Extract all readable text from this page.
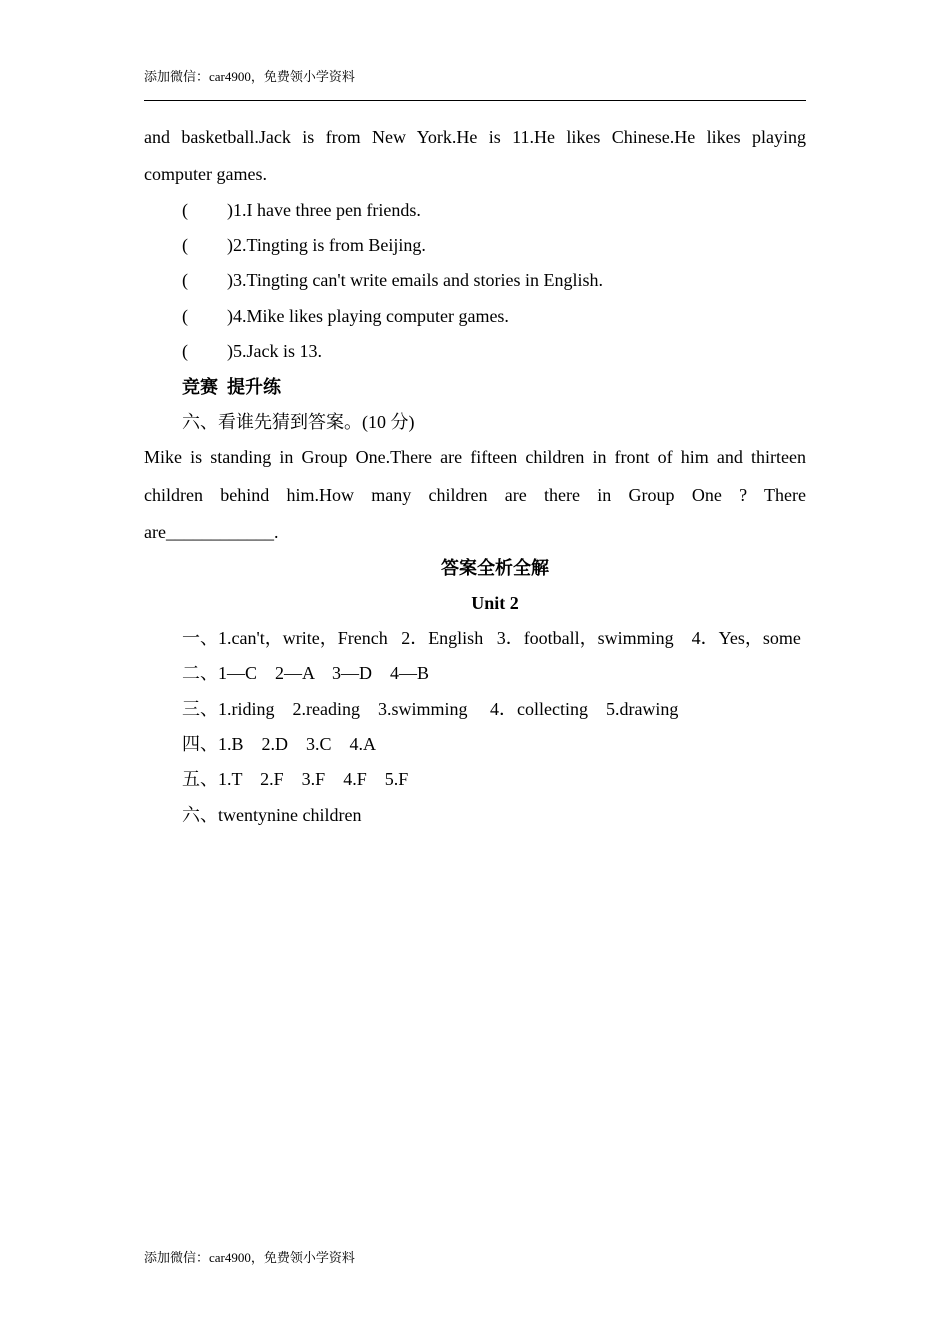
添加微信：car4900，免费领小学资料
and basketball.Jack is from New York.He is 11.He likes Chinese.He likes playing
computer games.
( )1.I have three pen friends.
( )2.Tingting is from Beijing.
( )3.Tingting can't write emails and stories in English.
( )4.Mike likes playing computer games.
( )5.Jack is 13.
竞赛  提升练
六、看谁先猜到答案。(10 分)
Mike is standing in Group One.There are fifteen children in front of him and thirteen
children behind him.How many children are there in Group One ? There
are____________.
答案全析全解
Unit 2
一、1.can't，write，French   2．English   3．football，swimming    4．Yes，some
二、1—C    2—A    3—D    4—B
三、1.riding    2.reading    3.swimming     4．collecting    5.drawing
四、1.B    2.D    3.C    4.A
五、1.T    2.F    3.F    4.F    5.F
六、twentynine children
添加微信：car4900，免费领小学资料
